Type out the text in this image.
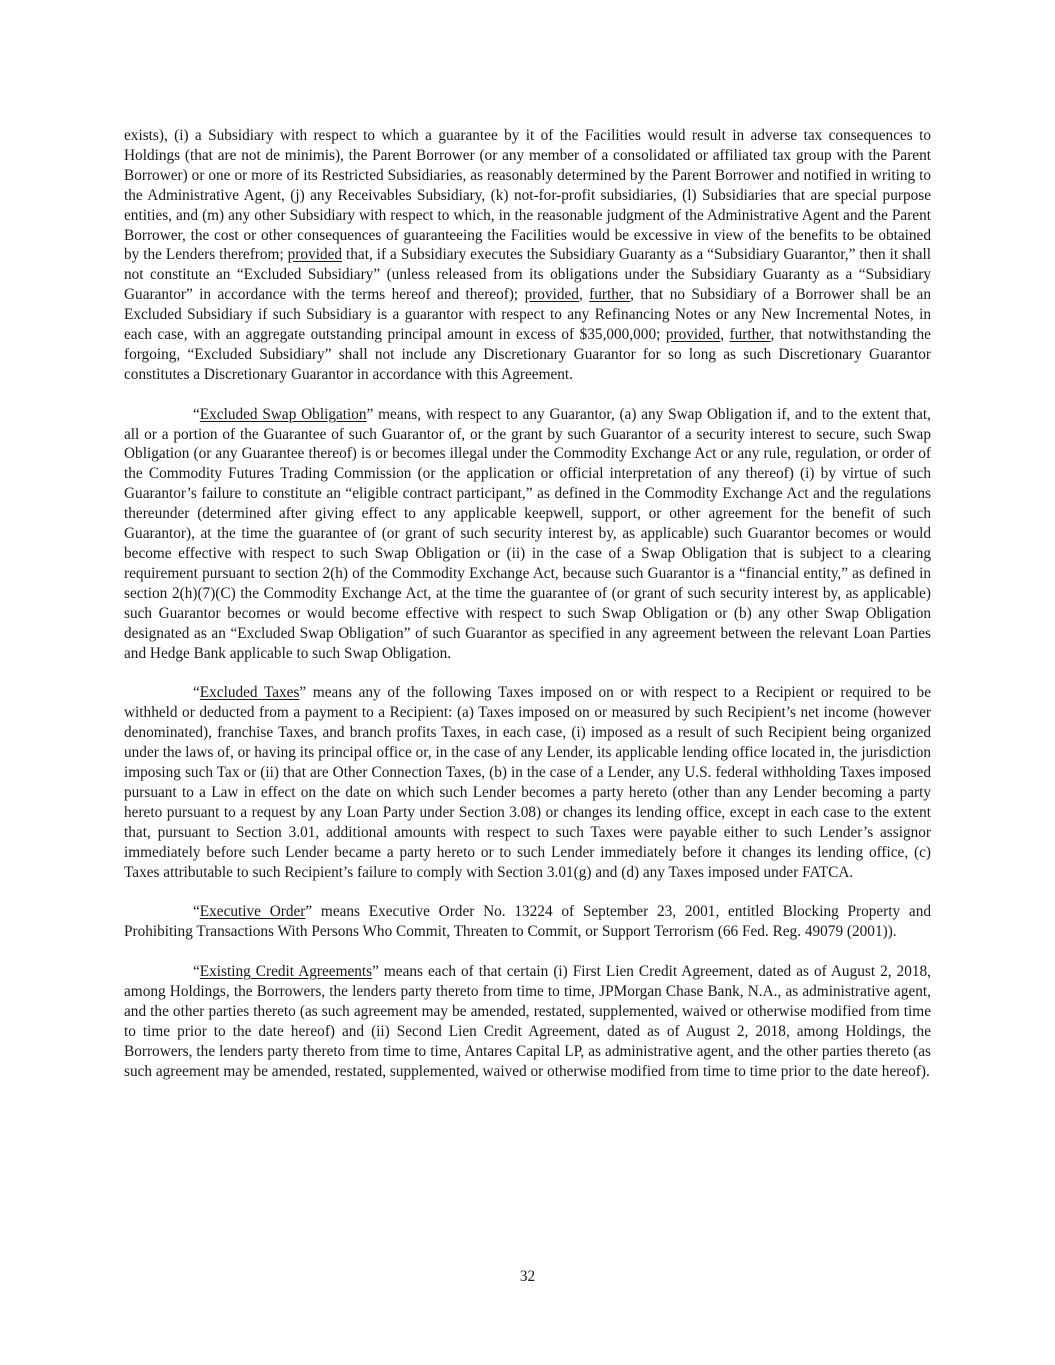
exists), (i) a Subsidiary with respect to which a guarantee by it of the Facilities would result in adverse tax consequences to Holdings (that are not de minimis), the Parent Borrower (or any member of a consolidated or affiliated tax group with the Parent Borrower) or one or more of its Restricted Subsidiaries, as reasonably determined by the Parent Borrower and notified in writing to the Administrative Agent, (j) any Receivables Subsidiary, (k) not-for-profit subsidiaries, (l) Subsidiaries that are special purpose entities, and (m) any other Subsidiary with respect to which, in the reasonable judgment of the Administrative Agent and the Parent Borrower, the cost or other consequences of guaranteeing the Facilities would be excessive in view of the benefits to be obtained by the Lenders therefrom; provided that, if a Subsidiary executes the Subsidiary Guaranty as a “Subsidiary Guarantor,” then it shall not constitute an “Excluded Subsidiary” (unless released from its obligations under the Subsidiary Guaranty as a “Subsidiary Guarantor” in accordance with the terms hereof and thereof); provided, further, that no Subsidiary of a Borrower shall be an Excluded Subsidiary if such Subsidiary is a guarantor with respect to any Refinancing Notes or any New Incremental Notes, in each case, with an aggregate outstanding principal amount in excess of $35,000,000; provided, further, that notwithstanding the forgoing, “Excluded Subsidiary” shall not include any Discretionary Guarantor for so long as such Discretionary Guarantor constitutes a Discretionary Guarantor in accordance with this Agreement.

“Excluded Swap Obligation” means, with respect to any Guarantor, (a) any Swap Obligation if, and to the extent that, all or a portion of the Guarantee of such Guarantor of, or the grant by such Guarantor of a security interest to secure, such Swap Obligation (or any Guarantee thereof) is or becomes illegal under the Commodity Exchange Act or any rule, regulation, or order of the Commodity Futures Trading Commission (or the application or official interpretation of any thereof) (i) by virtue of such Guarantor’s failure to constitute an “eligible contract participant,” as defined in the Commodity Exchange Act and the regulations thereunder (determined after giving effect to any applicable keepwell, support, or other agreement for the benefit of such Guarantor), at the time the guarantee of (or grant of such security interest by, as applicable) such Guarantor becomes or would become effective with respect to such Swap Obligation or (ii) in the case of a Swap Obligation that is subject to a clearing requirement pursuant to section 2(h) of the Commodity Exchange Act, because such Guarantor is a “financial entity,” as defined in section 2(h)(7)(C) the Commodity Exchange Act, at the time the guarantee of (or grant of such security interest by, as applicable) such Guarantor becomes or would become effective with respect to such Swap Obligation or (b) any other Swap Obligation designated as an “Excluded Swap Obligation” of such Guarantor as specified in any agreement between the relevant Loan Parties and Hedge Bank applicable to such Swap Obligation.

“Excluded Taxes” means any of the following Taxes imposed on or with respect to a Recipient or required to be withheld or deducted from a payment to a Recipient: (a) Taxes imposed on or measured by such Recipient’s net income (however denominated), franchise Taxes, and branch profits Taxes, in each case, (i) imposed as a result of such Recipient being organized under the laws of, or having its principal office or, in the case of any Lender, its applicable lending office located in, the jurisdiction imposing such Tax or (ii) that are Other Connection Taxes, (b) in the case of a Lender, any U.S. federal withholding Taxes imposed pursuant to a Law in effect on the date on which such Lender becomes a party hereto (other than any Lender becoming a party hereto pursuant to a request by any Loan Party under Section 3.08) or changes its lending office, except in each case to the extent that, pursuant to Section 3.01, additional amounts with respect to such Taxes were payable either to such Lender’s assignor immediately before such Lender became a party hereto or to such Lender immediately before it changes its lending office, (c) Taxes attributable to such Recipient’s failure to comply with Section 3.01(g) and (d) any Taxes imposed under FATCA.

“Executive Order” means Executive Order No. 13224 of September 23, 2001, entitled Blocking Property and Prohibiting Transactions With Persons Who Commit, Threaten to Commit, or Support Terrorism (66 Fed. Reg. 49079 (2001)).

“Existing Credit Agreements” means each of that certain (i) First Lien Credit Agreement, dated as of August 2, 2018, among Holdings, the Borrowers, the lenders party thereto from time to time, JPMorgan Chase Bank, N.A., as administrative agent, and the other parties thereto (as such agreement may be amended, restated, supplemented, waived or otherwise modified from time to time prior to the date hereof) and (ii) Second Lien Credit Agreement, dated as of August 2, 2018, among Holdings, the Borrowers, the lenders party thereto from time to time, Antares Capital LP, as administrative agent, and the other parties thereto (as such agreement may be amended, restated, supplemented, waived or otherwise modified from time to time prior to the date hereof).

32
